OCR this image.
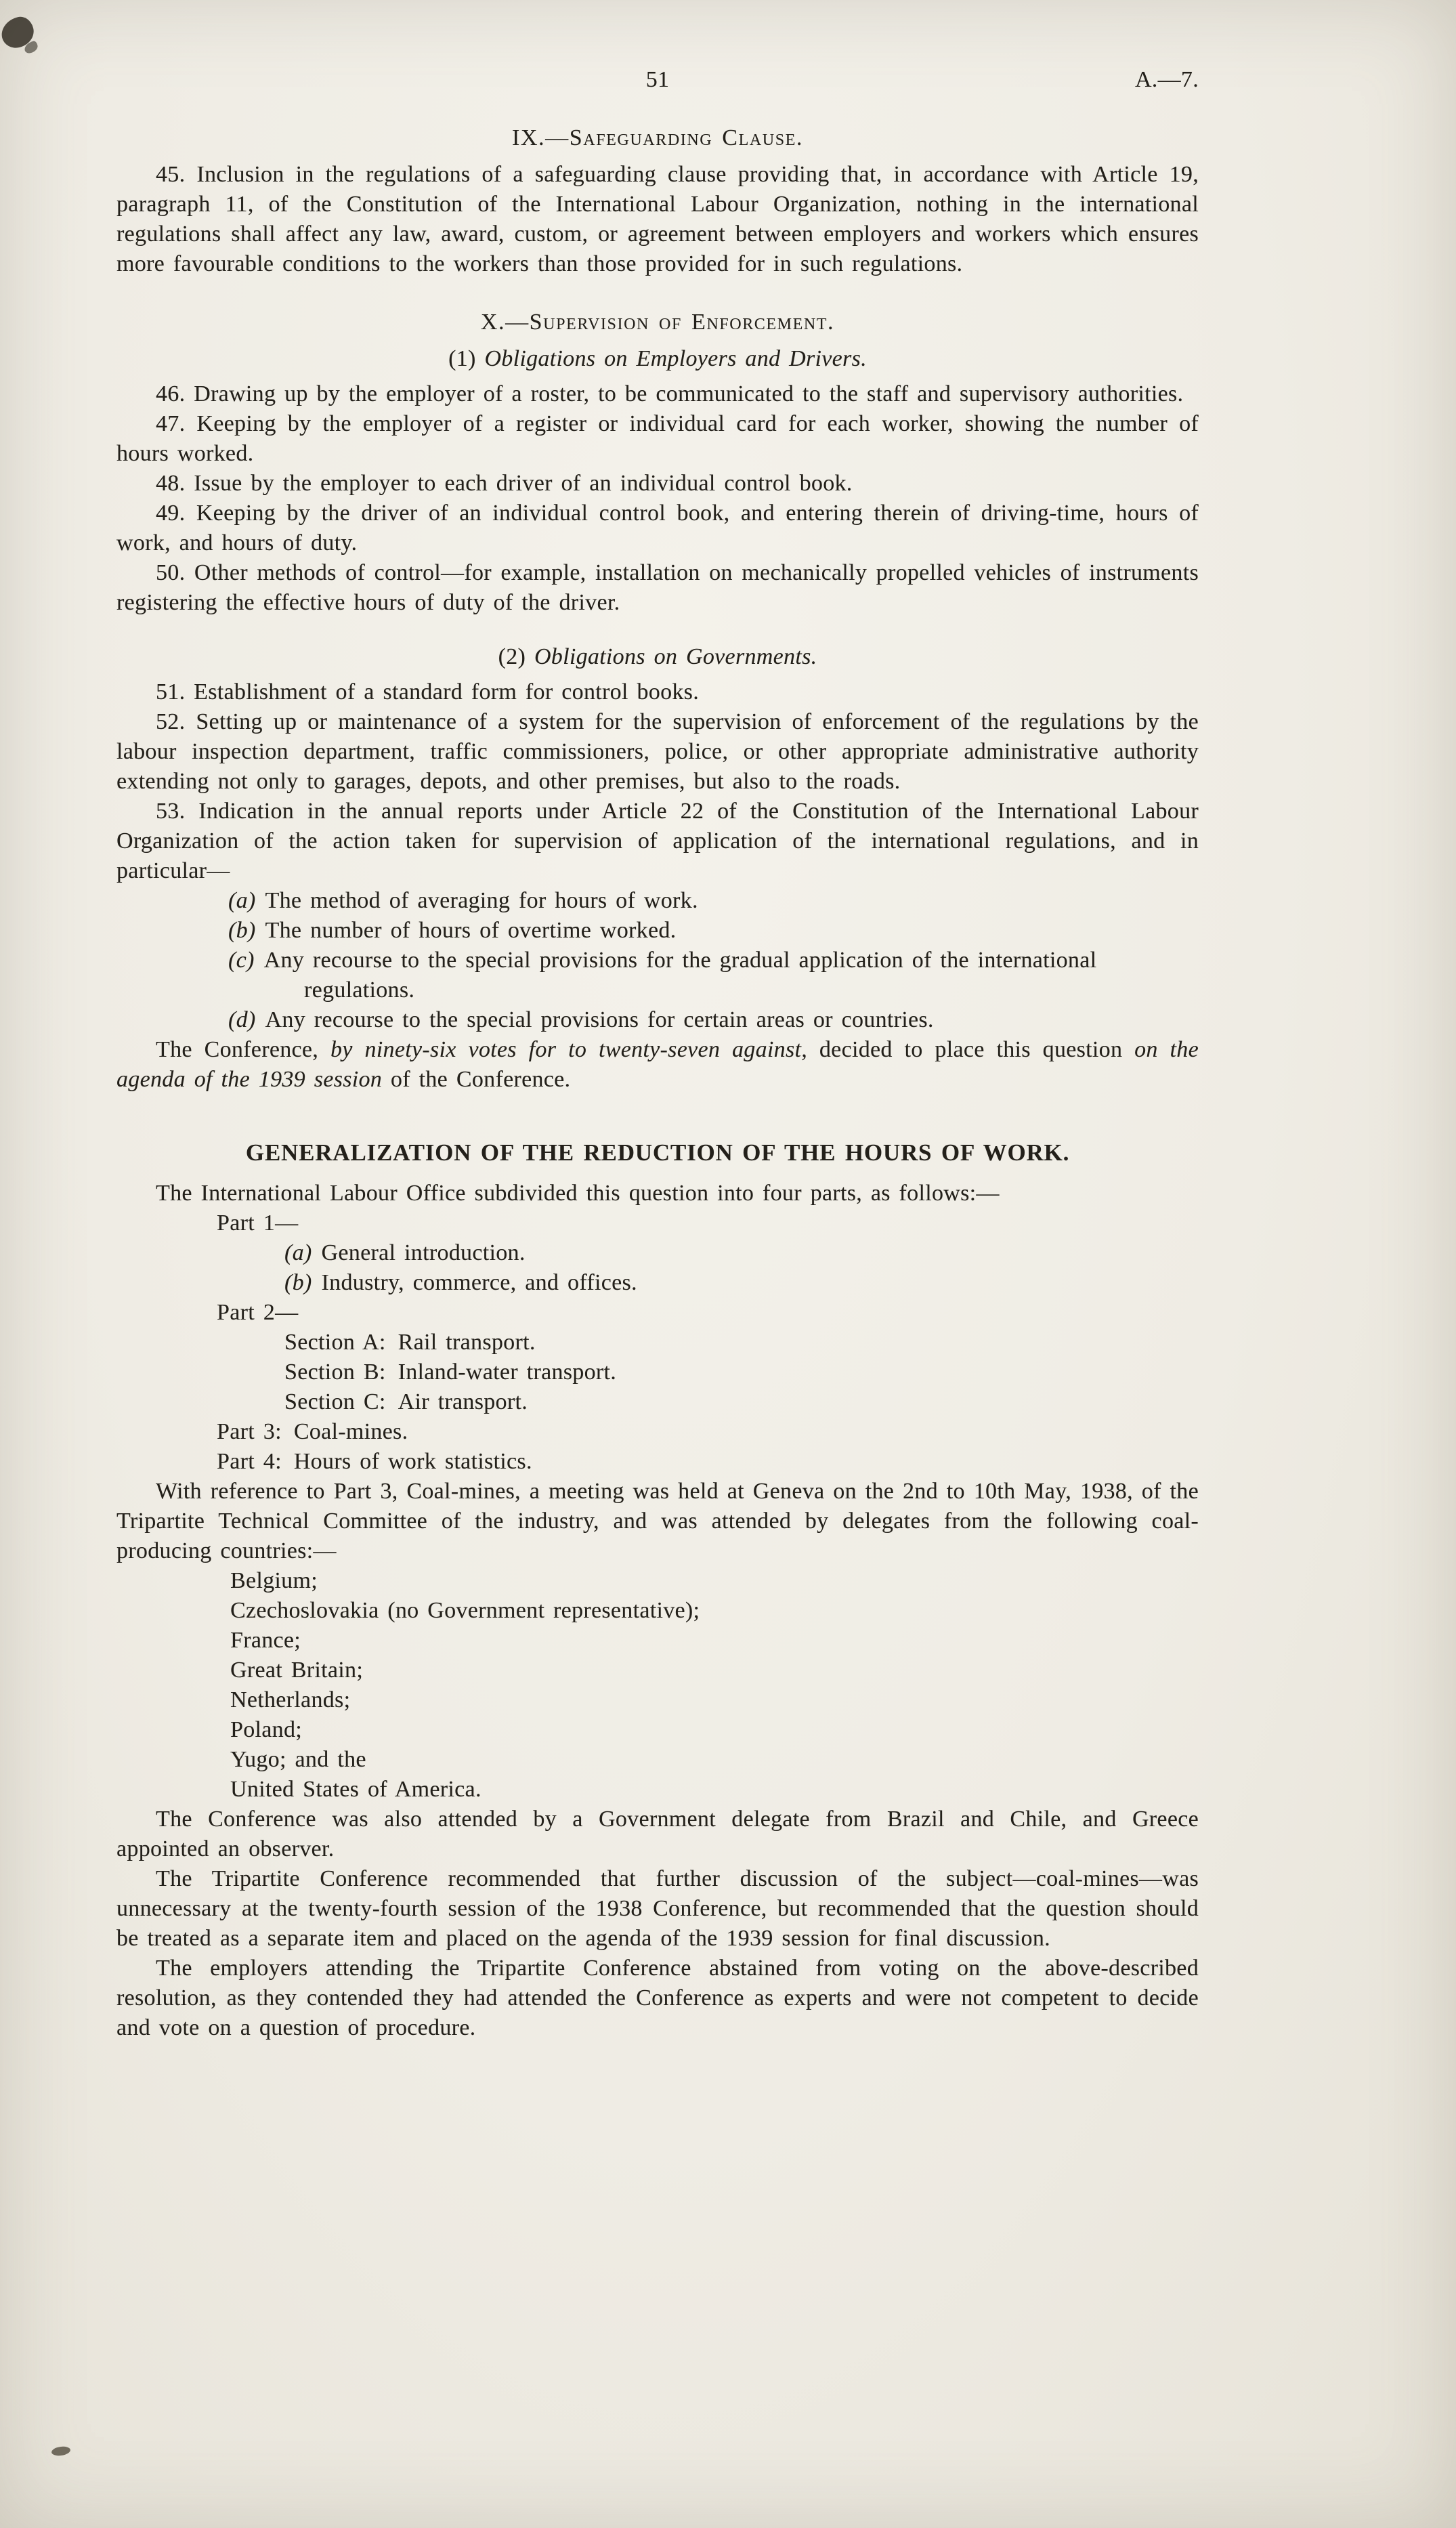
51	A.—7.
IX.—Safeguarding Clause.

45. Inclusion in the regulations of a safeguarding clause providing that, in accordance with Article 19, paragraph 11, of the Constitution of the International Labour Organization, nothing in the international regulations shall affect any law, award, custom, or agreement between employers and workers which ensures more favourable conditions to the workers than those provided for in such regulations.

X.—Supervision of Enforcement.
(1) Obligations on Employers and Drivers.

46. Drawing up by the employer of a roster, to be communicated to the staff and supervisory authorities.

47. Keeping by the employer of a register or individual card for each worker, showing the number of hours worked.

48. Issue by the employer to each driver of an individual control book.

49. Keeping by the driver of an individual control book, and entering therein of driving-time, hours of work, and hours of duty.

50. Other methods of control—for example, installation on mechanically propelled vehicles of instruments registering the effective hours of duty of the driver.

(2) Obligations on Governments.

51. Establishment of a standard form for control books.

52. Setting up or maintenance of a system for the supervision of enforcement of the regulations by the labour inspection department, traffic commissioners, police, or other appropriate administrative authority extending not only to garages, depots, and other premises, but also to the roads.

53. Indication in the annual reports under Article 22 of the Constitution of the International Labour Organization of the action taken for supervision of application of the international regulations, and in particular—

(a) The method of averaging for hours of work.

(b) The number of hours of overtime worked.

(c) Any recourse to the special provisions for the gradual application of the international regulations.

(d) Any recourse to the special provisions for certain areas or countries.

The Conference, by ninety-six votes for to twenty-seven against, decided to place this question on the agenda of the 1939 session of the Conference.

GENERALIZATION OF THE REDUCTION OF THE HOURS OF WORK.

The International Labour Office subdivided this question into four parts, as follows:—

Part 1—

(a) General introduction.

(b) Industry, commerce, and offices.

Part 2—

Section A: Rail transport.

Section B: Inland-water transport.

Section C: Air transport.

Part 3: Coal-mines.

Part 4: Hours of work statistics.

With reference to Part 3, Coal-mines, a meeting was held at Geneva on the 2nd to 10th May, 1938, of the Tripartite Technical Committee of the industry, and was attended by delegates from the following coal-producing countries:—

Belgium;

Czechoslovakia (no Government representative);

France;

Great Britain;

Netherlands;

Poland;

Yugo; and the

United States of America.

The Conference was also attended by a Government delegate from Brazil and Chile, and Greece appointed an observer.

The Tripartite Conference recommended that further discussion of the subject—coal-mines—was unnecessary at the twenty-fourth session of the 1938 Conference, but recommended that the question should be treated as a separate item and placed on the agenda of the 1939 session for final discussion.

The employers attending the Tripartite Conference abstained from voting on the above-described resolution, as they contended they had attended the Conference as experts and were not competent to decide and vote on a question of procedure.
